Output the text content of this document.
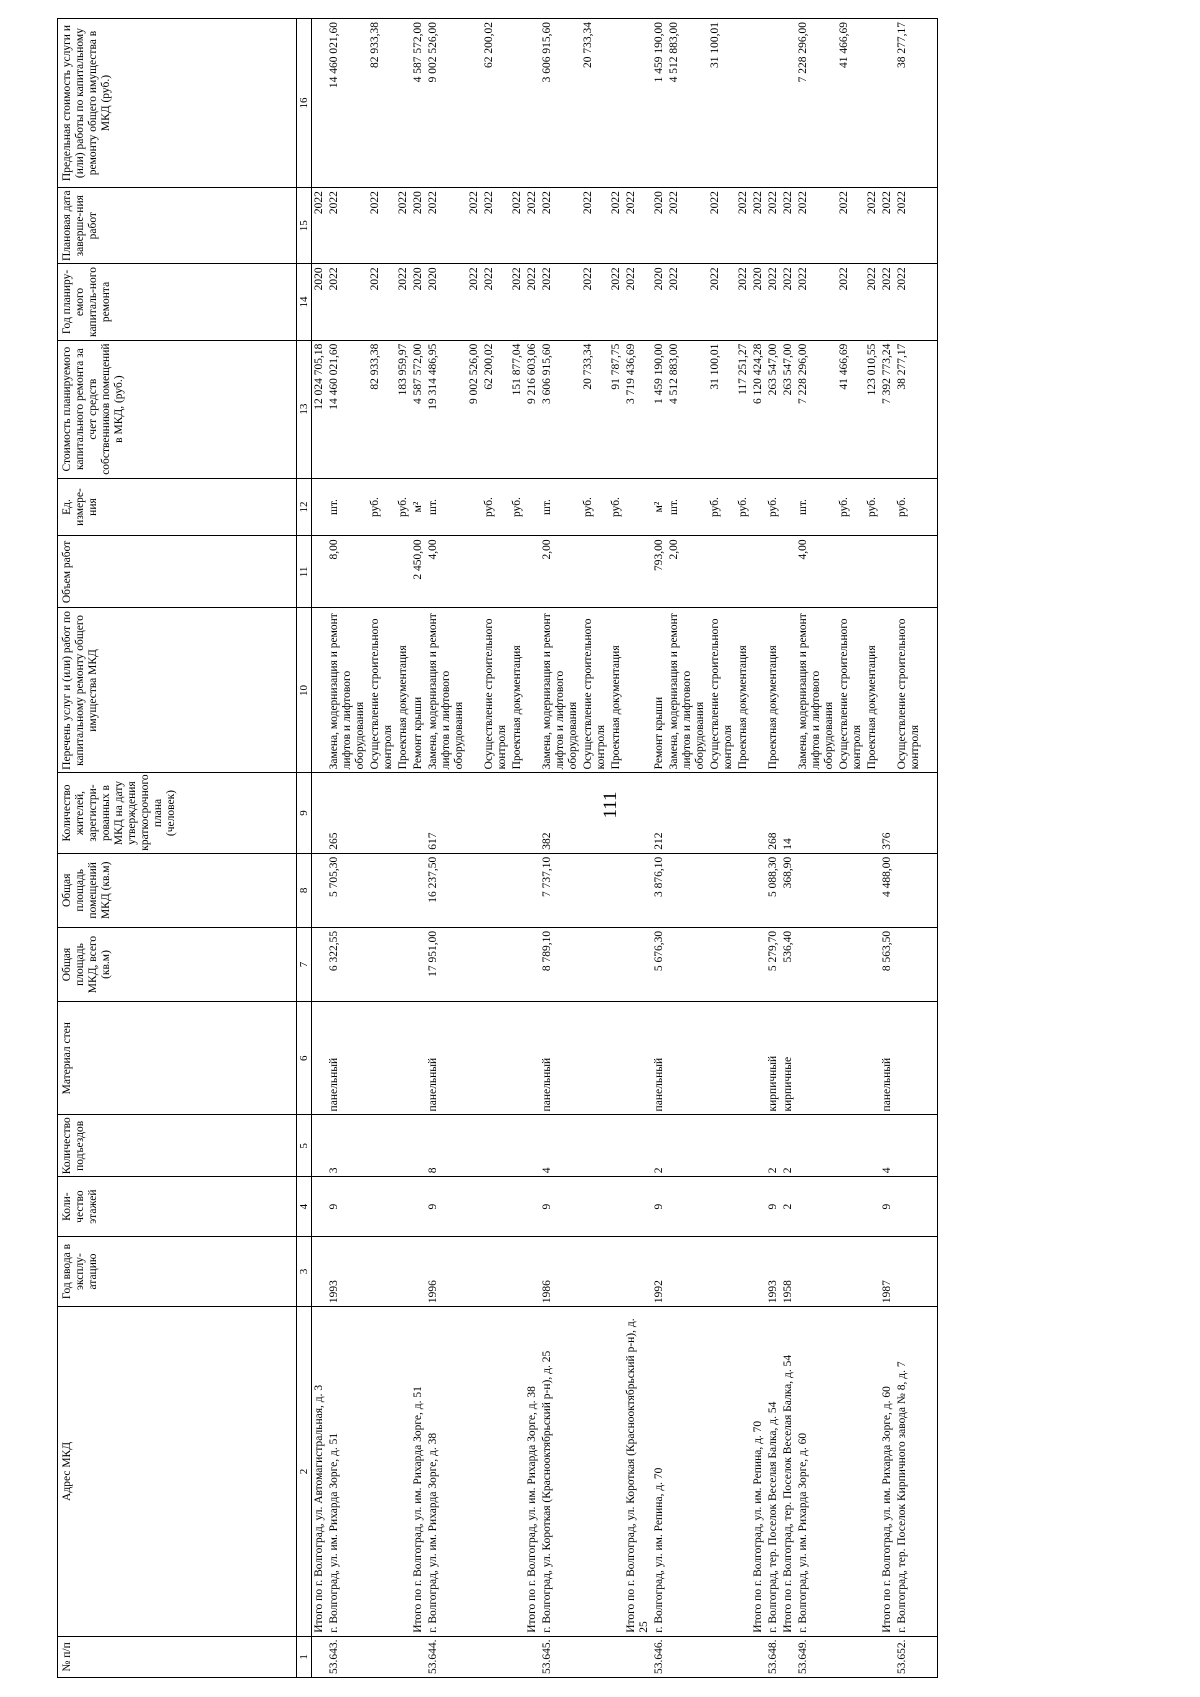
111
№ п/п	Адрес МКД	Год ввода в эксплу-атацию	Коли-чество этажей	Количество подъездов	Материал стен	Общая площадь МКД, всего (кв.м)	Общая площадь помещений МКД (кв.м)	Количество жителей, зарегистри-рованных в МКД на дату утверждения краткосрочного плана (человек)	Перечень услуг и (или) работ по капитальному ремонту общего имущества МКД	Объем работ	Ед. измере-ния	Стоимость планируемого капитального ремонта за счет средств собственников помещений в МКД, (руб.)	Год планиру-емого капиталь-ного ремонта	Плановая дата заверше-ния работ	Предельная стоимость услуги и (или) работы по капитальному ремонту общего имущества в МКД (руб.)
1	2	3	4	5	6	7	8	9	10	11	12	13	14	15	16
	Итого по г. Волгоград, ул. Автомагистральная, д. 3											12 024 705,18	2020	2022	
53.643.	г. Волгоград, ул. им. Рихарда Зорге, д. 51	1993	9	3	панельный	6 322,55	5 705,30	265	Замена, модернизация и ремонт лифтов и лифтового оборудования	8,00	шт.	14 460 021,60	2022	2022	14 460 021,60
									Осуществление строительного контроля		руб.	82 933,38	2022	2022	82 933,38
									Проектная документация		руб.	183 959,97	2022	2022	
	Итого по г. Волгоград, ул. им. Рихарда Зорге, д. 51								Ремонт крыши	2 450,00	м²	4 587 572,00	2020	2020	4 587 572,00
53.644.	г. Волгоград, ул. им. Рихарда Зорге, д. 38	1996	9	8	панельный	17 951,00	16 237,50	617	Замена, модернизация и ремонт лифтов и лифтового оборудования	4,00	шт.	19 314 486,95	2020	2022	9 002 526,00
												9 002 526,00	2022	2022	
									Осуществление строительного контроля		руб.	62 200,02	2022	2022	62 200,02
									Проектная документация		руб.	151 877,04	2022	2022	
	Итого по г. Волгоград, ул. им. Рихарда Зорге, д. 38											9 216 603,06	2022	2022	
53.645.	г. Волгоград, ул. Короткая (Краснооктябрьский р-н), д. 25	1986	9	4	панельный	8 789,10	7 737,10	382	Замена, модернизация и ремонт лифтов и лифтового оборудования	2,00	шт.	3 606 915,60	2022	2022	3 606 915,60
									Осуществление строительного контроля		руб.	20 733,34	2022	2022	20 733,34
									Проектная документация		руб.	91 787,75	2022	2022	
	Итого по г. Волгоград, ул. Короткая (Краснооктябрьский р-н), д. 25											3 719 436,69	2022	2022	
53.646.	г. Волгоград, ул. им. Репина, д. 70	1992	9	2	панельный	5 676,30	3 876,10	212	Ремонт крыши	793,00	м²	1 459 190,00	2020	2020	1 459 190,00
									Замена, модернизация и ремонт лифтов и лифтового оборудования	2,00	шт.	4 512 883,00	2022	2022	4 512 883,00
									Осуществление строительного контроля		руб.	31 100,01	2022	2022	31 100,01
									Проектная документация		руб.	117 251,27	2022	2022	
	Итого по г. Волгоград, ул. им. Репина, д. 70											6 120 424,28	2020	2022	
53.648.	г. Волгоград, тер. Поселок Веселая Балка, д. 54	1993	9	2	кирпичный	5 279,70	5 088,30	268	Проектная документация		руб.	263 547,00	2022	2022	
	Итого по г. Волгоград, тер. Поселок Веселая Балка, д. 54	1958	2	2	кирпичные	536,40	368,90	14				263 547,00	2022	2022	
53.649.	г. Волгоград, ул. им. Рихарда Зорге, д. 60								Замена, модернизация и ремонт лифтов и лифтового оборудования	4,00	шт.	7 228 296,00	2022	2022	7 228 296,00
									Осуществление строительного контроля		руб.	41 466,69	2022	2022	41 466,69
									Проектная документация		руб.	123 010,55	2022	2022	
	Итого по г. Волгоград, ул. им. Рихарда Зорге, д. 60	1987	9	4	панельный	8 563,50	4 488,00	376				7 392 773,24	2022	2022	
53.652.	г. Волгоград, тер. Поселок Кирпичного завода № 8, д. 7								Осуществление строительного контроля		руб.	38 277,17	2022	2022	38 277,17
